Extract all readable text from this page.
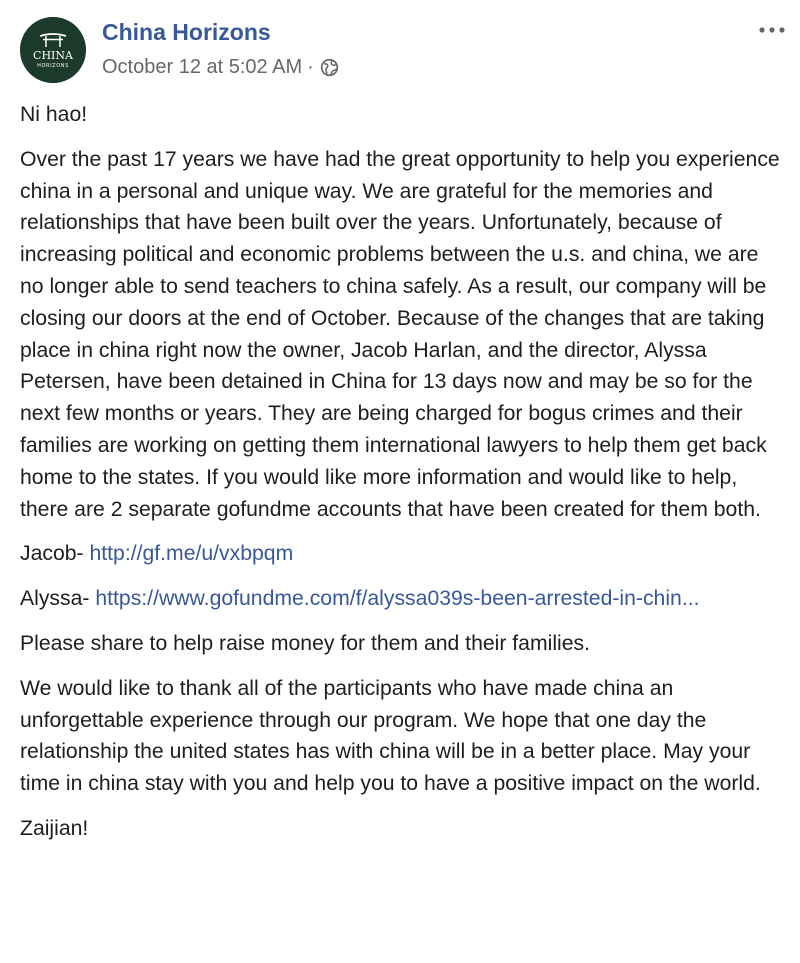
CHINA
HORIZONS
China Horizons
October 12 at 5:02 AM ·

Ni hao!

Over the past 17 years we have had the great opportunity to help you experience china in a personal and unique way. We are grateful for the memories and relationships that have been built over the years. Unfortunately, because of increasing political and economic problems between the u.s. and china, we are no longer able to send teachers to china safely. As a result, our company will be closing our doors at the end of October. Because of the changes that are taking place in china right now the owner, Jacob Harlan, and the director, Alyssa Petersen, have been detained in China for 13 days now and may be so for the next few months or years. They are being charged for bogus crimes and their families are working on getting them international lawyers to help them get back home to the states. If you would like more information and would like to help, there are 2 separate gofundme accounts that have been created for them both.

Jacob- http://gf.me/u/vxbpqm

Alyssa- https://www.gofundme.com/f/alyssa039s-been-arrested-in-chin...

Please share to help raise money for them and their families.

We would like to thank all of the participants who have made china an unforgettable experience through our program. We hope that one day the relationship the united states has with china will be in a better place. May your time in china stay with you and help you to have a positive impact on the world.

Zaijian!
